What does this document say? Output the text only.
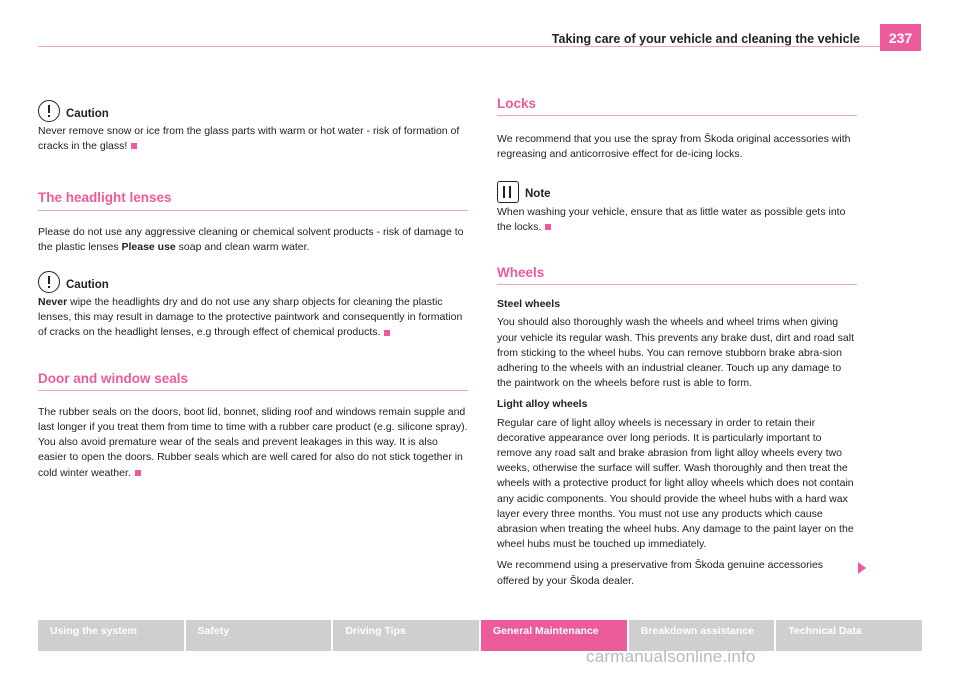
Taking care of your vehicle and cleaning the vehicle	237
Caution

Never remove snow or ice from the glass parts with warm or hot water - risk of formation of cracks in the glass!

The headlight lenses

Please do not use any aggressive cleaning or chemical solvent products - risk of damage to the plastic lenses Please use soap and clean warm water.

Caution

Never wipe the headlights dry and do not use any sharp objects for cleaning the plastic lenses, this may result in damage to the protective paintwork and consequently in formation of cracks on the headlight lenses, e.g through effect of chemical products.

Door and window seals

The rubber seals on the doors, boot lid, bonnet, sliding roof and windows remain supple and last longer if you treat them from time to time with a rubber care product (e.g. silicone spray). You also avoid premature wear of the seals and prevent leakages in this way. It is also easier to open the doors. Rubber seals which are well cared for also do not stick together in cold winter weather.

Locks

We recommend that you use the spray from Škoda original accessories with regreasing and anticorrosive effect for de-icing locks.

Note

When washing your vehicle, ensure that as little water as possible gets into the locks.

Wheels
Steel wheels

You should also thoroughly wash the wheels and wheel trims when giving your vehicle its regular wash. This prevents any brake dust, dirt and road salt from sticking to the wheel hubs. You can remove stubborn brake abra-sion adhering to the wheels with an industrial cleaner. Touch up any damage to the paintwork on the wheels before rust is able to form.

Light alloy wheels

Regular care of light alloy wheels is necessary in order to retain their decorative appearance over long periods. It is particularly important to remove any road salt and brake abrasion from light alloy wheels every two weeks, otherwise the surface will suffer. Wash thoroughly and then treat the wheels with a protective product for light alloy wheels which does not contain any acidic components. You should provide the wheel hubs with a hard wax layer every three months. You must not use any products which cause abrasion when treating the wheel hubs. Any damage to the paint layer on the wheel hubs must be touched up immediately.

We recommend using a preservative from Škoda genuine accessories offered by your Škoda dealer.

Using the system	Safety	Driving Tips	General Maintenance	Breakdown assistance	Technical Data
carmanualsonline.info
